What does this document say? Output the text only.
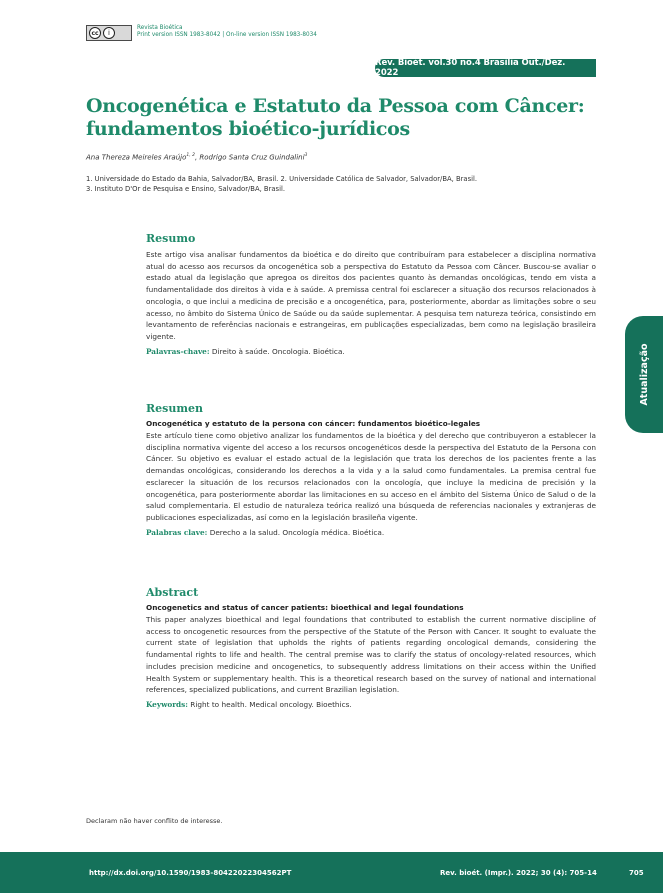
cc	i
Revista Bioética
Print version ISSN 1983-8042 | On-line version ISSN 1983-8034
Rev. Bioét. vol.30 no.4 Brasília Out./Dez. 2022
Oncogenética e Estatuto da Pessoa com Câncer: fundamentos bioético-jurídicos
Ana Thereza Meireles Araújo$^{1, 2}$, Rodrigo Santa Cruz Guindalini$^3$
1. Universidade do Estado da Bahia, Salvador/BA, Brasil. 2. Universidade Católica de Salvador, Salvador/BA, Brasil.
3. Instituto D'Or de Pesquisa e Ensino, Salvador/BA, Brasil.
Resumo

Este artigo visa analisar fundamentos da bioética e do direito que contribuíram para estabelecer a disciplina normativa atual do acesso aos recursos da oncogenética sob a perspectiva do Estatuto da Pessoa com Câncer. Buscou-se avaliar o estado atual da legislação que apregoa os direitos dos pacientes quanto às demandas oncológicas, tendo em vista a fundamentalidade dos direitos à vida e à saúde. A premissa central foi esclarecer a situação dos recursos relacionados à oncologia, o que inclui a medicina de precisão e a oncogenética, para, posteriormente, abordar as limitações sobre o seu acesso, no âmbito do Sistema Único de Saúde ou da saúde suplementar. A pesquisa tem natureza teórica, consistindo em levantamento de referências nacionais e estrangeiras, em publicações especializadas, bem como na legislação brasileira vigente.

Palavras-chave: Direito à saúde. Oncologia. Bioética.

Resumen
Oncogenética y estatuto de la persona con cáncer: fundamentos bioético-legales

Este artículo tiene como objetivo analizar los fundamentos de la bioética y del derecho que contribuyeron a establecer la disciplina normativa vigente del acceso a los recursos oncogenéticos desde la perspectiva del Estatuto de la Persona con Cáncer. Su objetivo es evaluar el estado actual de la legislación que trata los derechos de los pacientes frente a las demandas oncológicas, considerando los derechos a la vida y a la salud como fundamentales. La premisa central fue esclarecer la situación de los recursos relacionados con la oncología, que incluye la medicina de precisión y la oncogenética, para posteriormente abordar las limitaciones en su acceso en el ámbito del Sistema Único de Salud o de la salud complementaria. El estudio de naturaleza teórica realizó una búsqueda de referencias nacionales y extranjeras de publicaciones especializadas, así como en la legislación brasileña vigente.

Palabras clave: Derecho a la salud. Oncología médica. Bioética.

Abstract
Oncogenetics and status of cancer patients: bioethical and legal foundations

This paper analyzes bioethical and legal foundations that contributed to establish the current normative discipline of access to oncogenetic resources from the perspective of the Statute of the Person with Cancer. It sought to evaluate the current state of legislation that upholds the rights of patients regarding oncological demands, considering the fundamental rights to life and health. The central premise was to clarify the status of oncology-related resources, which includes precision medicine and oncogenetics, to subsequently address limitations on their access within the Unified Health System or supplementary health. This is a theoretical research based on the survey of national and international references, specialized publications, and current Brazilian legislation.

Keywords: Right to health. Medical oncology. Bioethics.

Atualização
Declaram não haver conflito de interesse.
http://dx.doi.org/10.1590/1983-80422022304562PT	Rev. bioét. (Impr.). 2022; 30 (4): 705-14	705
